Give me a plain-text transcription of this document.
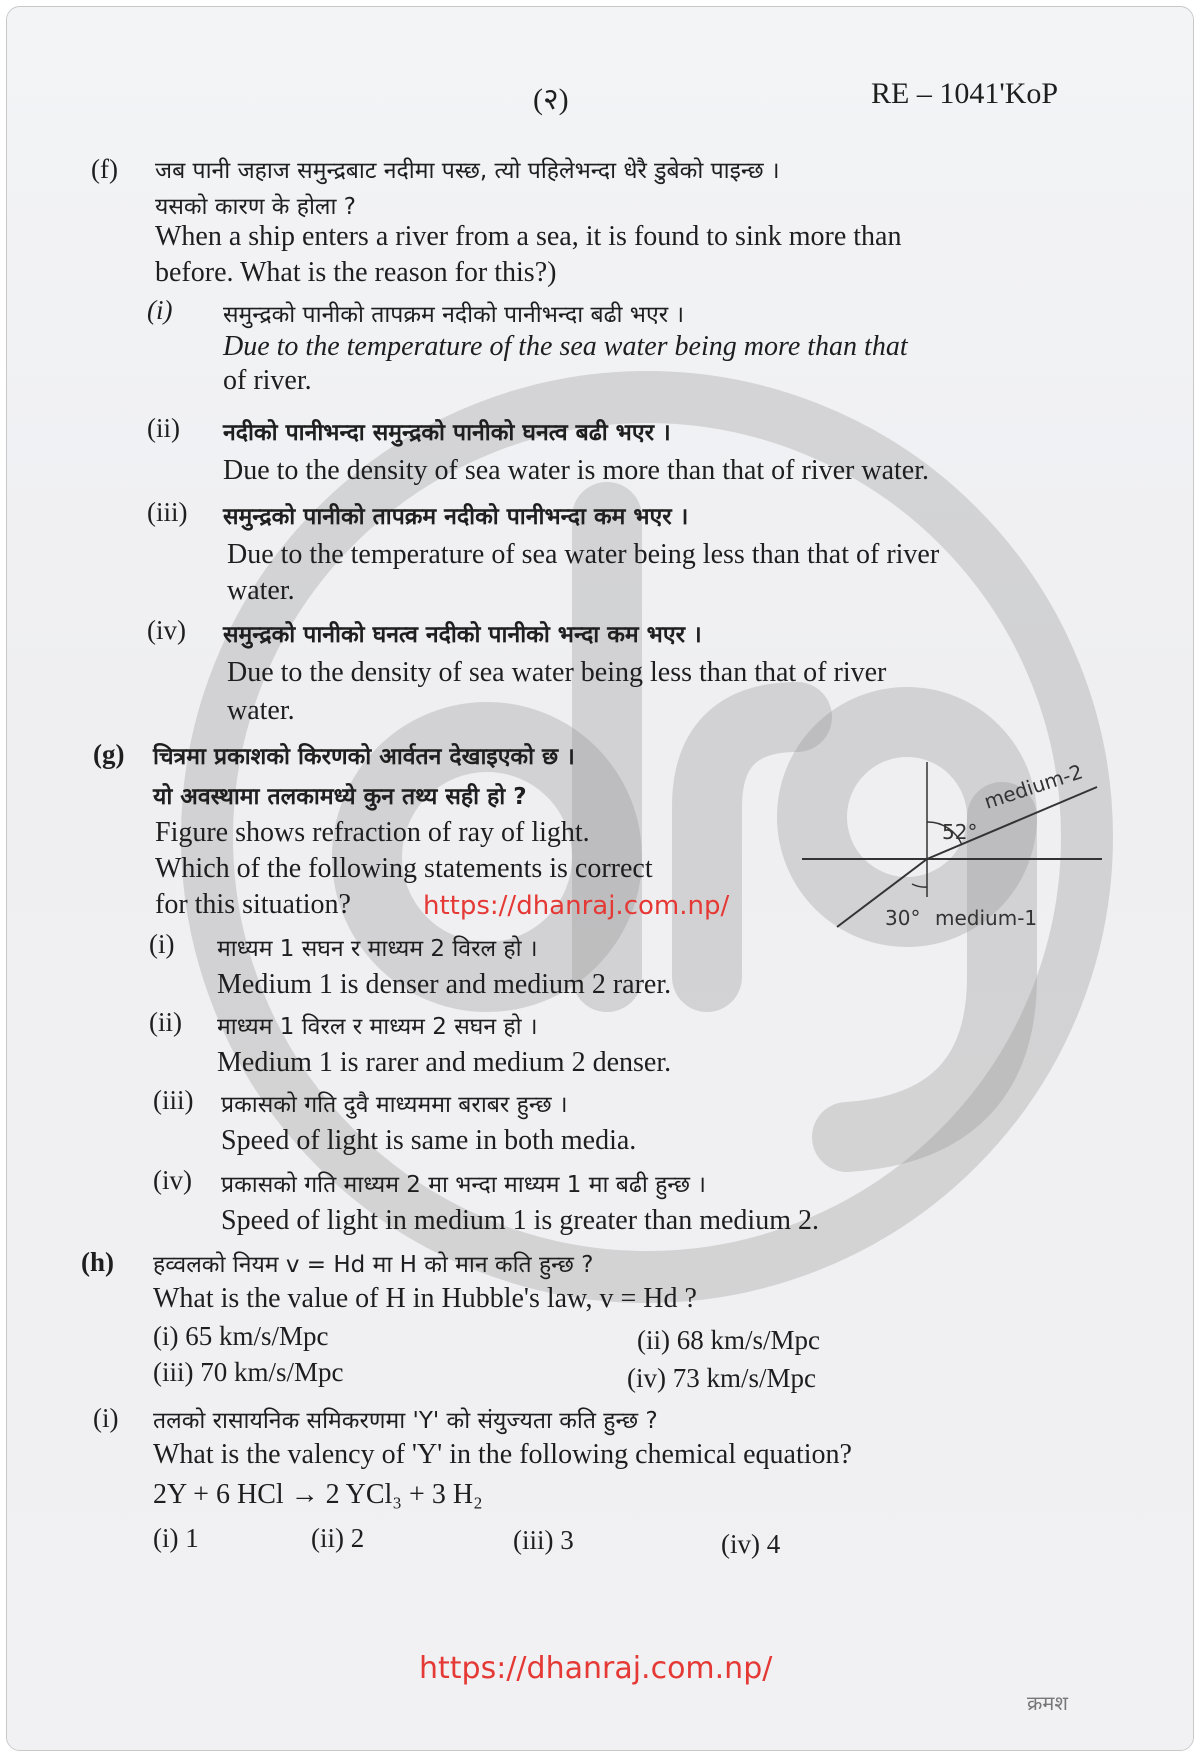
(२)	RE – 1041'KoP
(f) जब पानी जहाज समुन्द्रबाट नदीमा पस्छ, त्यो पहिलेभन्दा धेरै डुबेको पाइन्छ ।
यसको कारण के होला ?
When a ship enters a river from a sea, it is found to sink more than
before. What is the reason for this?)
(i) समुन्द्रको पानीको तापक्रम नदीको पानीभन्दा बढी भएर ।
Due to the temperature of the sea water being more than that
of river.
(ii) नदीको पानीभन्दा समुन्द्रको पानीको घनत्व बढी भएर ।
Due to the density of sea water is more than that of river water.
(iii) समुन्द्रको पानीको तापक्रम नदीको पानीभन्दा कम भएर ।
Due to the temperature of sea water being less than that of river
water.
(iv) समुन्द्रको पानीको घनत्व नदीको पानीको भन्दा कम भएर ।
Due to the density of sea water being less than that of river
water.
(g) चित्रमा प्रकाशको किरणको आर्वतन देखाइएको छ ।
यो अवस्थामा तलकामध्ये कुन तथ्य सही हो ?
Figure shows refraction of ray of light.
Which of the following statements is correct
for this situation?	https://dhanraj.com.np/
52°
medium-2
30° medium-1
(i) माध्यम 1 सघन र माध्यम 2 विरल हो ।
Medium 1 is denser and medium 2 rarer.
(ii) माध्यम 1 विरल र माध्यम 2 सघन हो ।
Medium 1 is rarer and medium 2 denser.
(iii) प्रकासको गति दुवै माध्यममा बराबर हुन्छ ।
Speed of light is same in both media.
(iv) प्रकासको गति माध्यम 2 मा भन्दा माध्यम 1 मा बढी हुन्छ ।
Speed of light in medium 1 is greater than medium 2.
(h) हव्वलको नियम v = Hd मा H को मान कति हुन्छ ?
What is the value of H in Hubble's law, v = Hd ?
(i) 65 km/s/Mpc	(ii) 68 km/s/Mpc
(iii) 70 km/s/Mpc	(iv) 73 km/s/Mpc
(i) तलको रासायनिक समिकरणमा 'Y' को संयुज्यता कति हुन्छ ?
What is the valency of 'Y' in the following chemical equation?
2Y + 6 HCl → 2 YCl₃ + 3 H₂
(i) 1	(ii) 2	(iii) 3	(iv) 4
https://dhanraj.com.np/
क्रमश
